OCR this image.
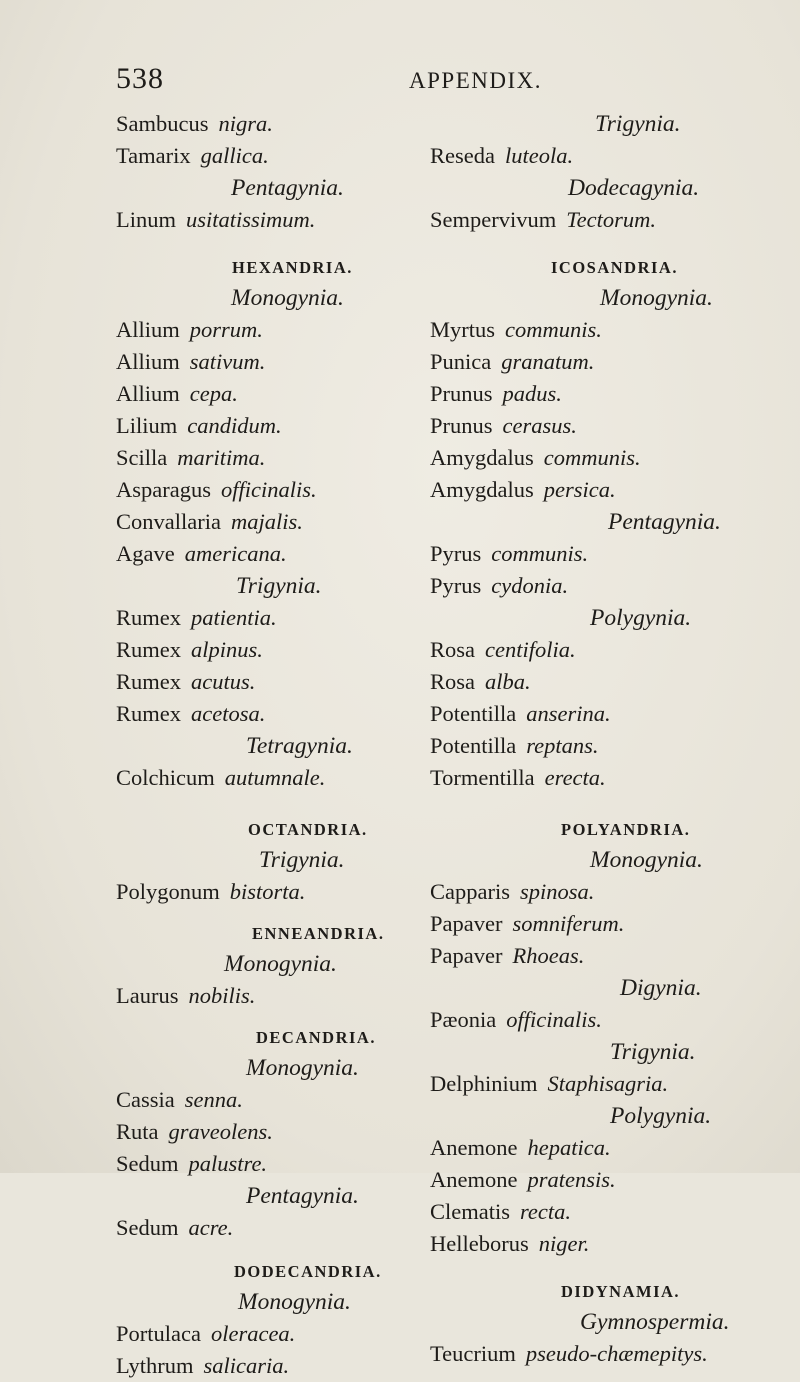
538	APPENDIX.
Sambucus nigra.
Tamarix gallica.
Pentagynia.
Linum usitatissimum.
HEXANDRIA.
Monogynia.
Allium porrum.
Allium sativum.
Allium cepa.
Lilium candidum.
Scilla maritima.
Asparagus officinalis.
Convallaria majalis.
Agave americana.
Trigynia.
Rumex patientia.
Rumex alpinus.
Rumex acutus.
Rumex acetosa.
Tetragynia.
Colchicum autumnale.
OCTANDRIA.
Trigynia.
Polygonum bistorta.
ENNEANDRIA.
Monogynia.
Laurus nobilis.
DECANDRIA.
Monogynia.
Cassia senna.
Ruta graveolens.
Sedum palustre.
Pentagynia.
Sedum acre.
DODECANDRIA.
Monogynia.
Portulaca oleracea.
Lythrum salicaria.
Trigynia.
Reseda luteola.
Dodecagynia.
Sempervivum Tectorum.
ICOSANDRIA.
Monogynia.
Myrtus communis.
Punica granatum.
Prunus padus.
Prunus cerasus.
Amygdalus communis.
Amygdalus persica.
Pentagynia.
Pyrus communis.
Pyrus cydonia.
Polygynia.
Rosa centifolia.
Rosa alba.
Potentilla anserina.
Potentilla reptans.
Tormentilla erecta.
POLYANDRIA.
Monogynia.
Capparis spinosa.
Papaver somniferum.
Papaver Rhoeas.
Digynia.
Pæonia officinalis.
Trigynia.
Delphinium Staphisagria.
Polygynia.
Anemone hepatica.
Anemone pratensis.
Clematis recta.
Helleborus niger.
DIDYNAMIA.
Gymnospermia.
Teucrium pseudo-chæmepitys.
